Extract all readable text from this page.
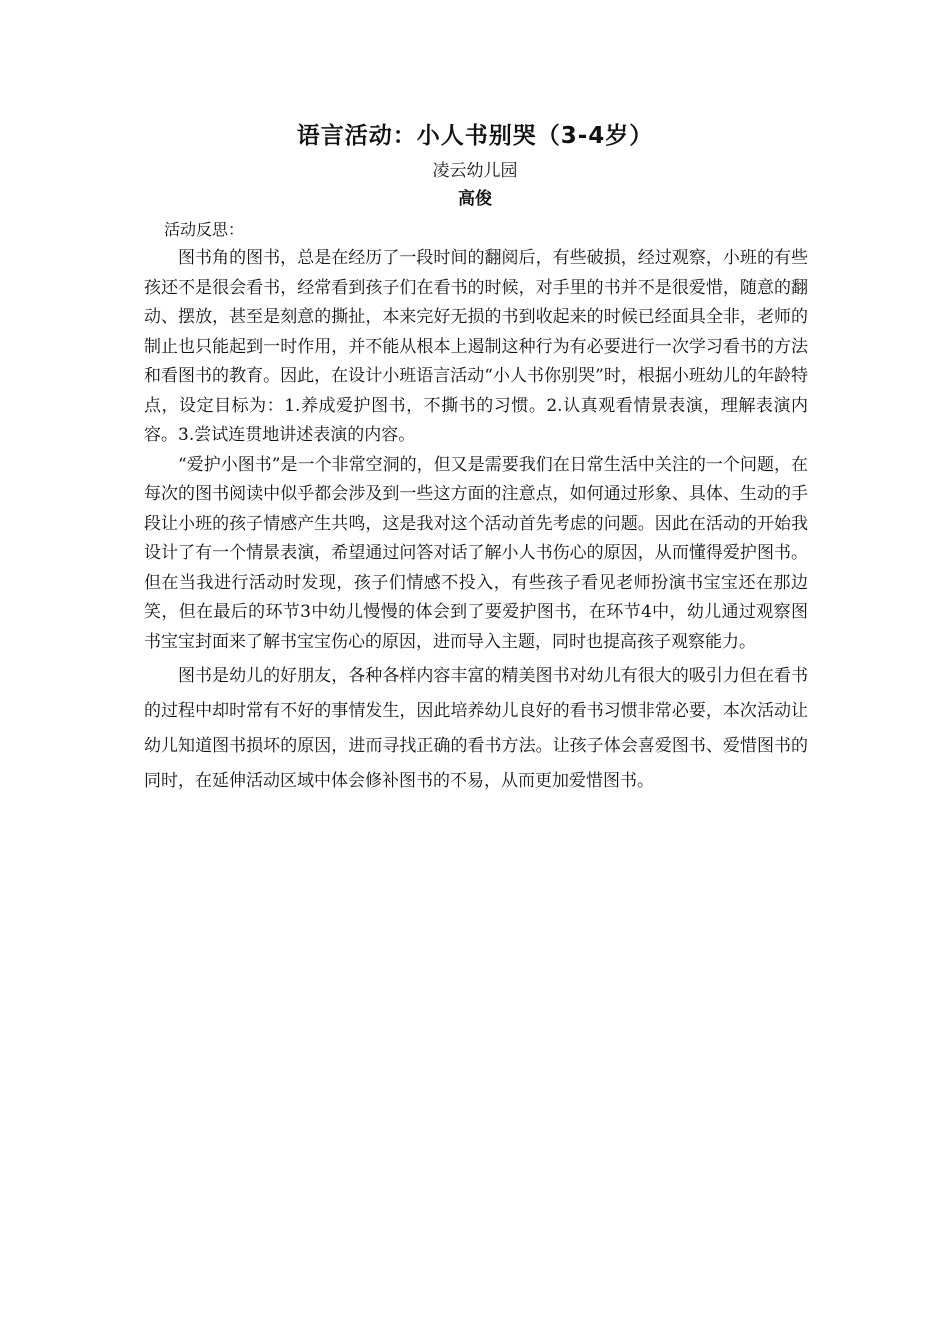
语言活动：小人书别哭（3-4岁）
凌云幼儿园
高俊

活动反思：

图书角的图书，总是在经历了一段时间的翻阅后，有些破损，经过观察，小班的有些孩还不是很会看书，经常看到孩子们在看书的时候，对手里的书并不是很爱惜，随意的翻动、摆放，甚至是刻意的撕扯，本来完好无损的书到收起来的时候已经面具全非，老师的制止也只能起到一时作用，并不能从根本上遏制这种行为有必要进行一次学习看书的方法和看图书的教育。因此，在设计小班语言活动“小人书你别哭”时，根据小班幼儿的年龄特点，设定目标为：1.养成爱护图书，不撕书的习惯。2.认真观看情景表演，理解表演内容。3.尝试连贯地讲述表演的内容。

“爱护小图书”是一个非常空洞的，但又是需要我们在日常生活中关注的一个问题，在每次的图书阅读中似乎都会涉及到一些这方面的注意点，如何通过形象、具体、生动的手段让小班的孩子情感产生共鸣，这是我对这个活动首先考虑的问题。因此在活动的开始我设计了有一个情景表演，希望通过问答对话了解小人书伤心的原因，从而懂得爱护图书。但在当我进行活动时发现，孩子们情感不投入，有些孩子看见老师扮演书宝宝还在那边笑，但在最后的环节3中幼儿慢慢的体会到了要爱护图书，在环节4中，幼儿通过观察图书宝宝封面来了解书宝宝伤心的原因，进而导入主题，同时也提高孩子观察能力。

图书是幼儿的好朋友，各种各样内容丰富的精美图书对幼儿有很大的吸引力但在看书的过程中却时常有不好的事情发生，因此培养幼儿良好的看书习惯非常必要，本次活动让幼儿知道图书损坏的原因，进而寻找正确的看书方法。让孩子体会喜爱图书、爱惜图书的同时，在延伸活动区域中体会修补图书的不易，从而更加爱惜图书。
